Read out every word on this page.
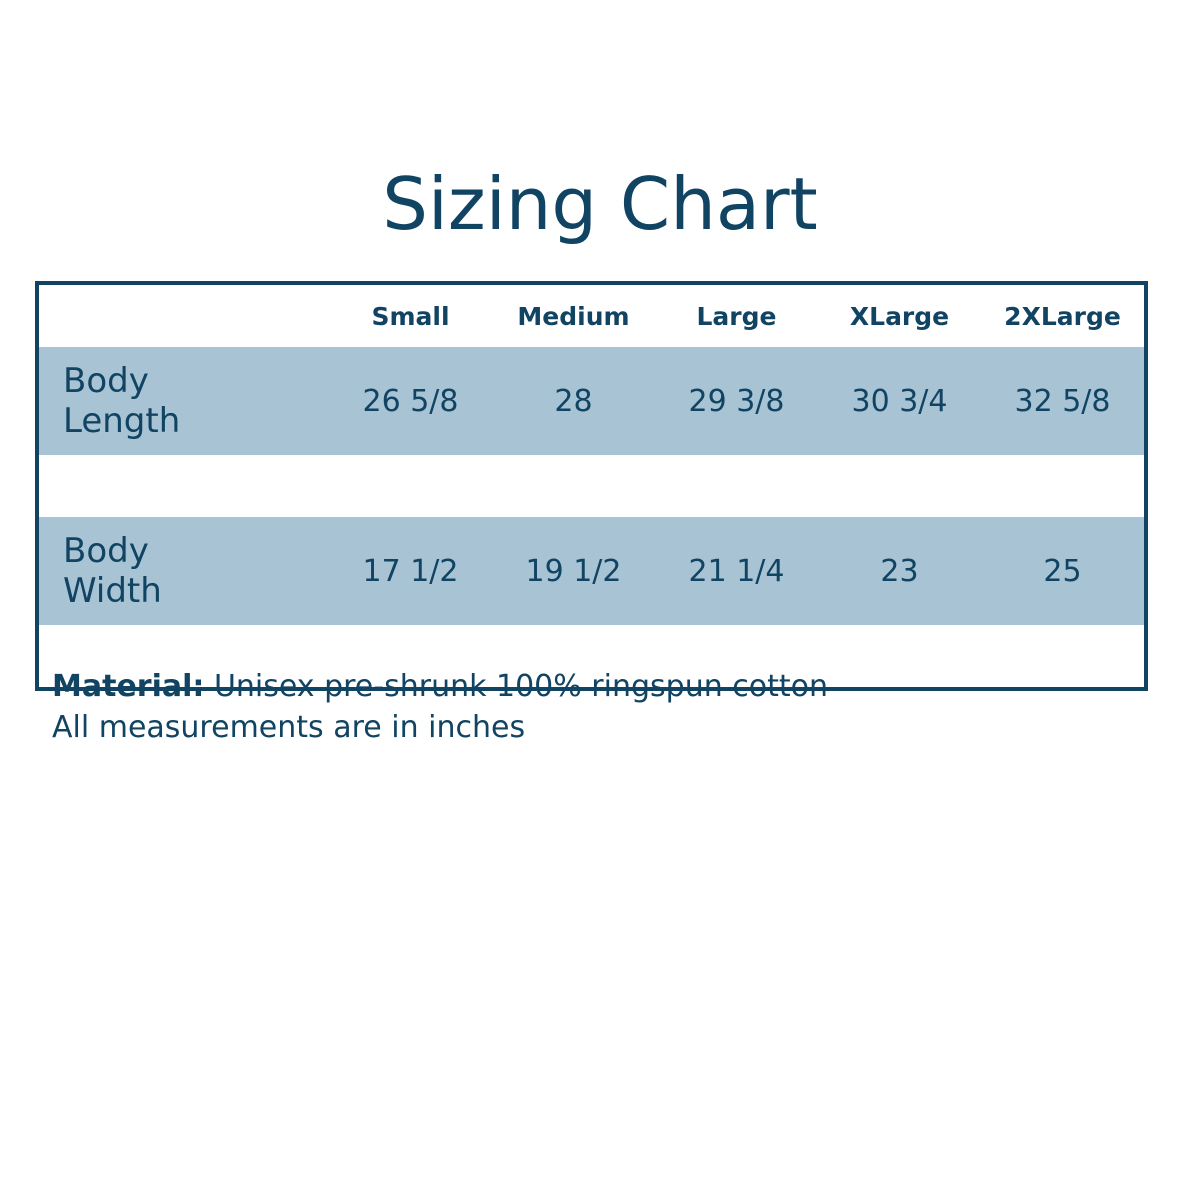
Sizing Chart
	Small	Medium	Large	XLarge	2XLarge
Body
Length	26 5/8	28	29 3/8	30 3/4	32 5/8

Body
Width	17 1/2	19 1/2	21 1/4	23	25

Material: Unisex pre-shrunk 100% ringspun cotton
All measurements are in inches
